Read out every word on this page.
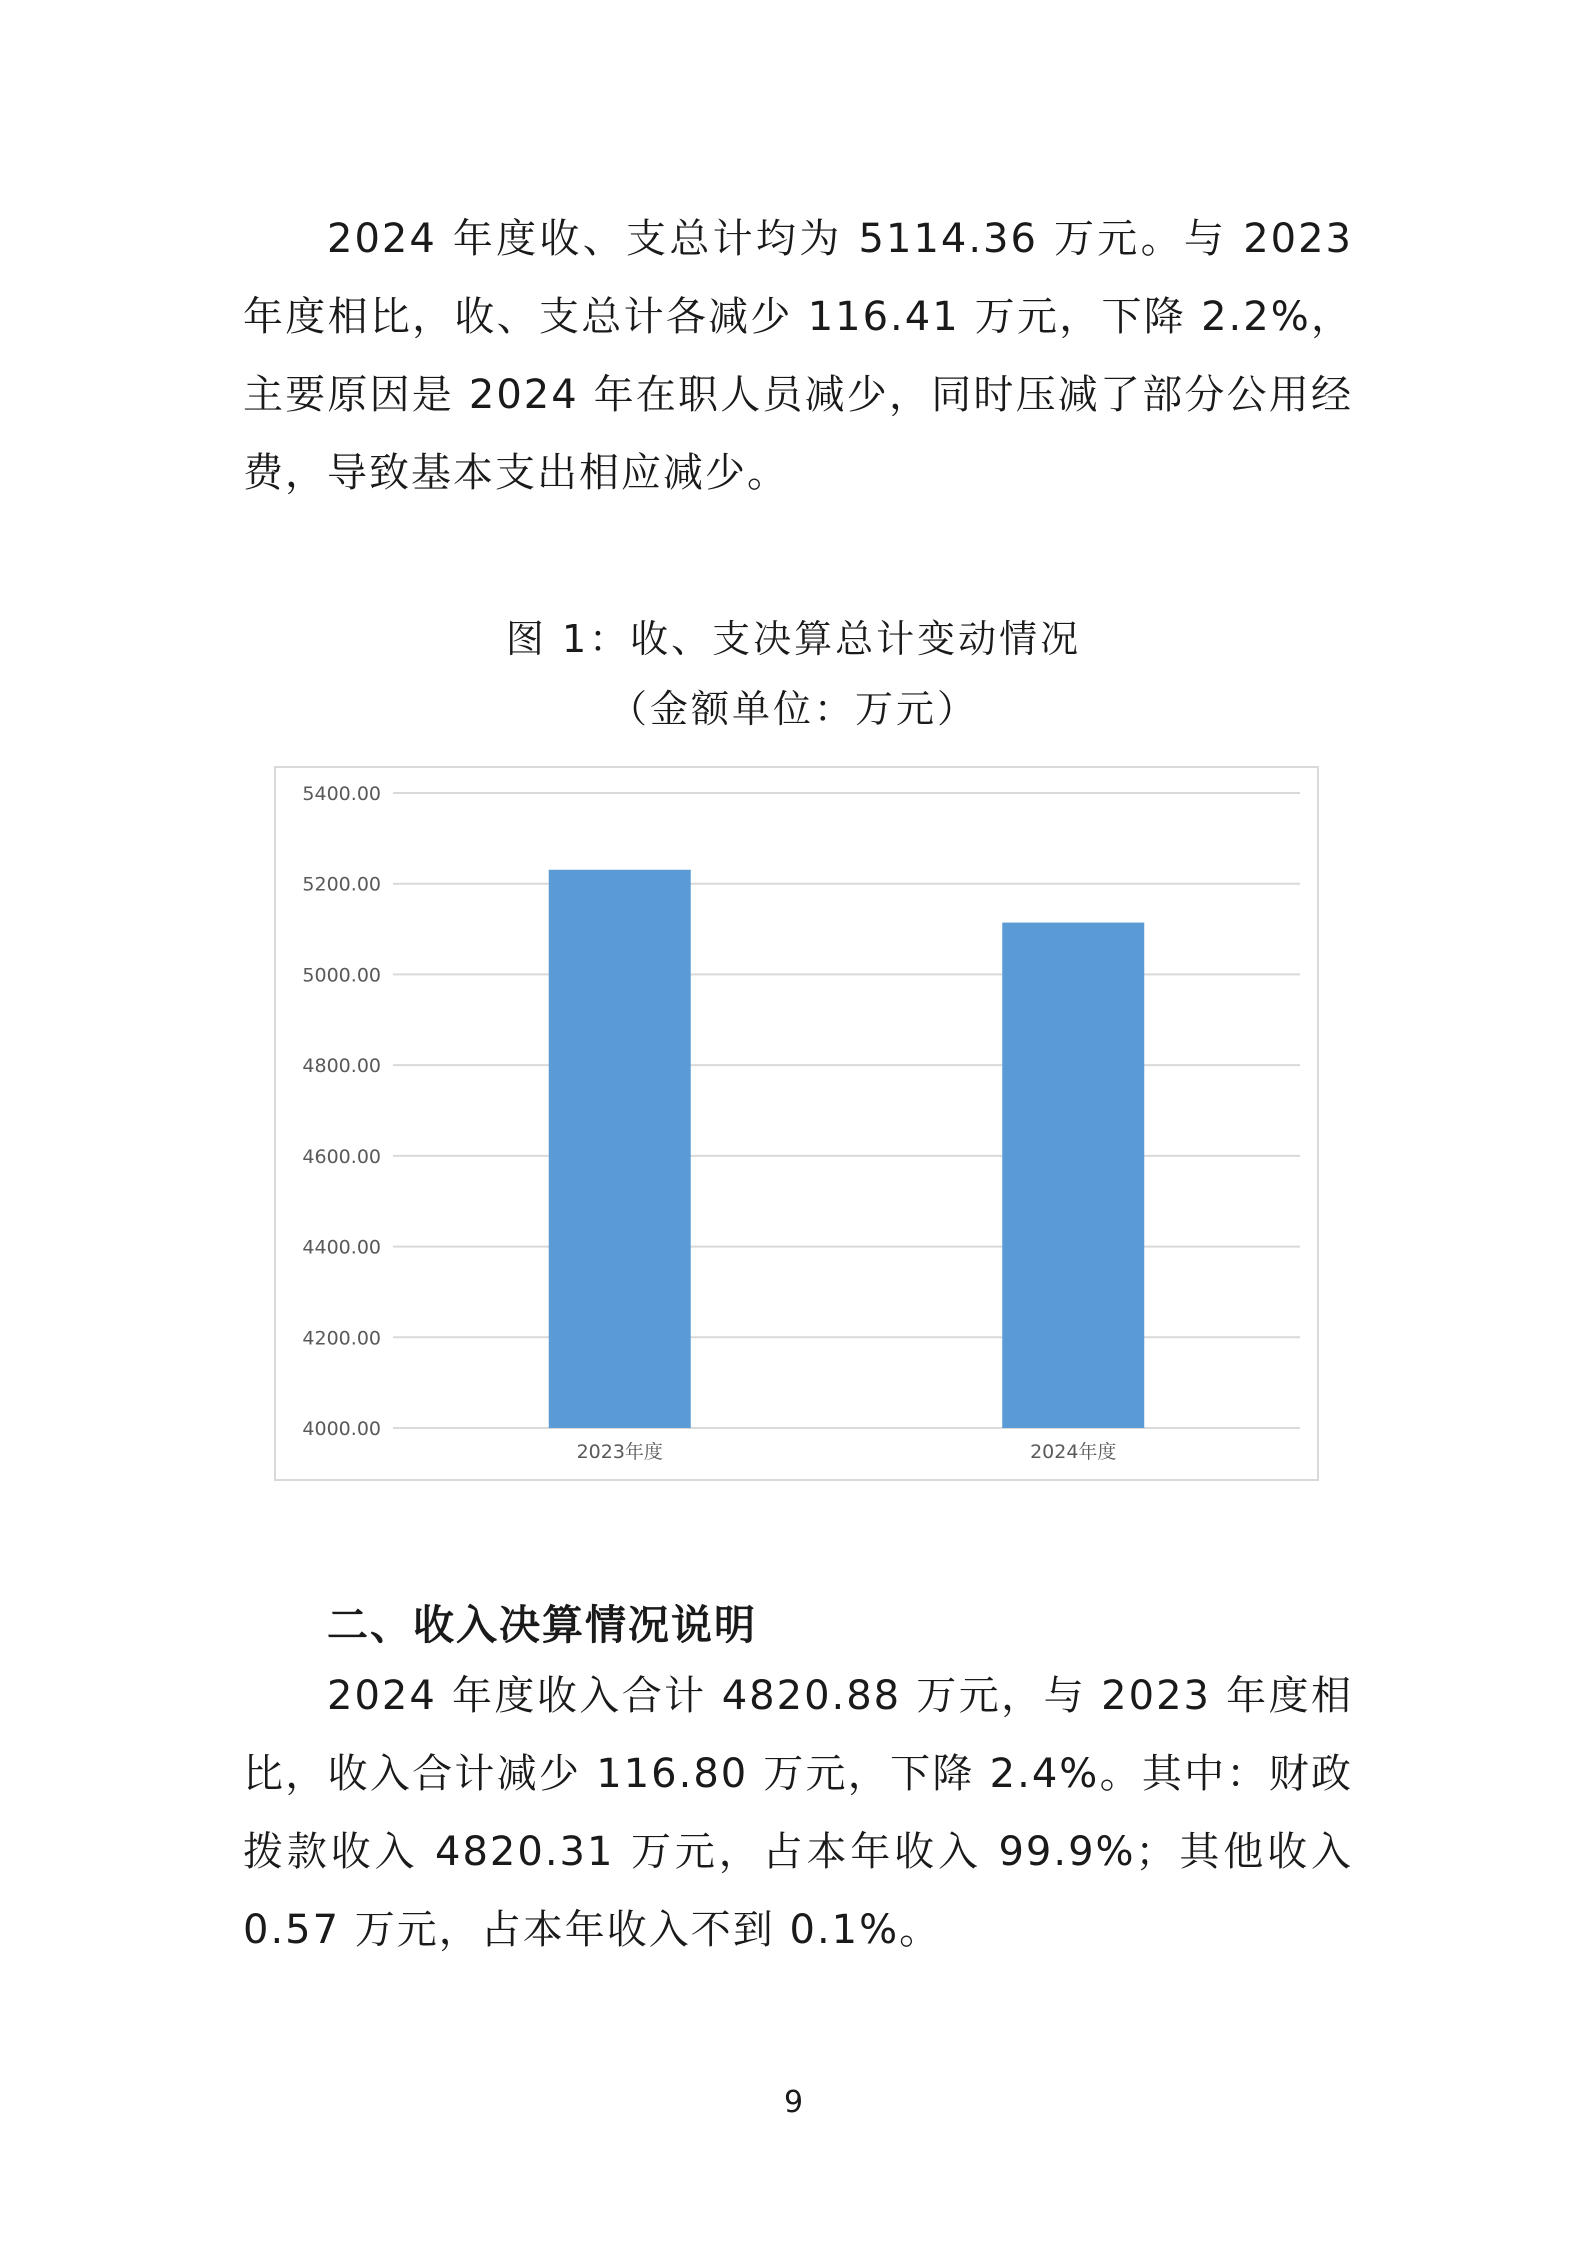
2024 年度收、支总计均为 5114.36 万元。与 2023 年度相比，收、支总计各减少 116.41 万元，下降 2.2%，主要原因是 2024 年在职人员减少，同时压减了部分公用经费，导致基本支出相应减少。

图 1：收、支决算总计变动情况

（金额单位：万元）

4000.00
4200.00
4400.00
4600.00
4800.00
5000.00
5200.00
5400.00
2023年度	2024年度
二、收入决算情况说明

2024 年度收入合计 4820.88 万元，与 2023 年度相比，收入合计减少 116.80 万元，下降 2.4%。其中：财政拨款收入 4820.31 万元，占本年收入 99.9%；其他收入 0.57 万元，占本年收入不到 0.1%。

9
